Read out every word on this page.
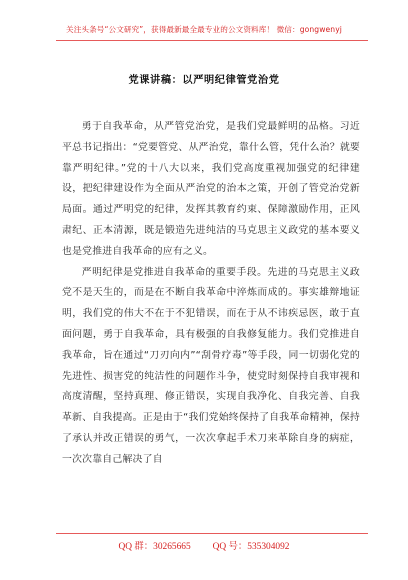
关注头条号“公文研究”，获得最新最全最专业的公文资料库！ 微信：gongwenyj
党课讲稿：以严明纪律管党治党

勇于自我革命，从严管党治党，是我们党最鲜明的品格。习近平总书记指出：“党要管党、从严治党，靠什么管，凭什么治？就要靠严明纪律。”党的十八大以来，我们党高度重视加强党的纪律建设，把纪律建设作为全面从严治党的治本之策，开创了管党治党新局面。通过严明党的纪律，发挥其教育约束、保障激励作用，正风肃纪、正本清源，既是锻造先进纯洁的马克思主义政党的基本要义也是党推进自我革命的应有之义。

严明纪律是党推进自我革命的重要手段。先进的马克思主义政党不是天生的，而是在不断自我革命中淬炼而成的。事实雄辩地证明，我们党的伟大不在于不犯错误，而在于从不讳疾忌医，敢于直面问题，勇于自我革命，具有极强的自我修复能力。我们党推进自我革命，旨在通过“刀刃向内”“刮骨疗毒”等手段，同一切弱化党的先进性、损害党的纯洁性的问题作斗争，使党时刻保持自我审视和高度清醒，坚持真理、修正错误，实现自我净化、自我完善、自我革新、自我提高。正是由于“我们党始终保持了自我革命精神，保持了承认并改正错误的勇气，一次次拿起手术刀来革除自身的病症，一次次靠自己解决了自

QQ 群：30265665 QQ 号：535304092
